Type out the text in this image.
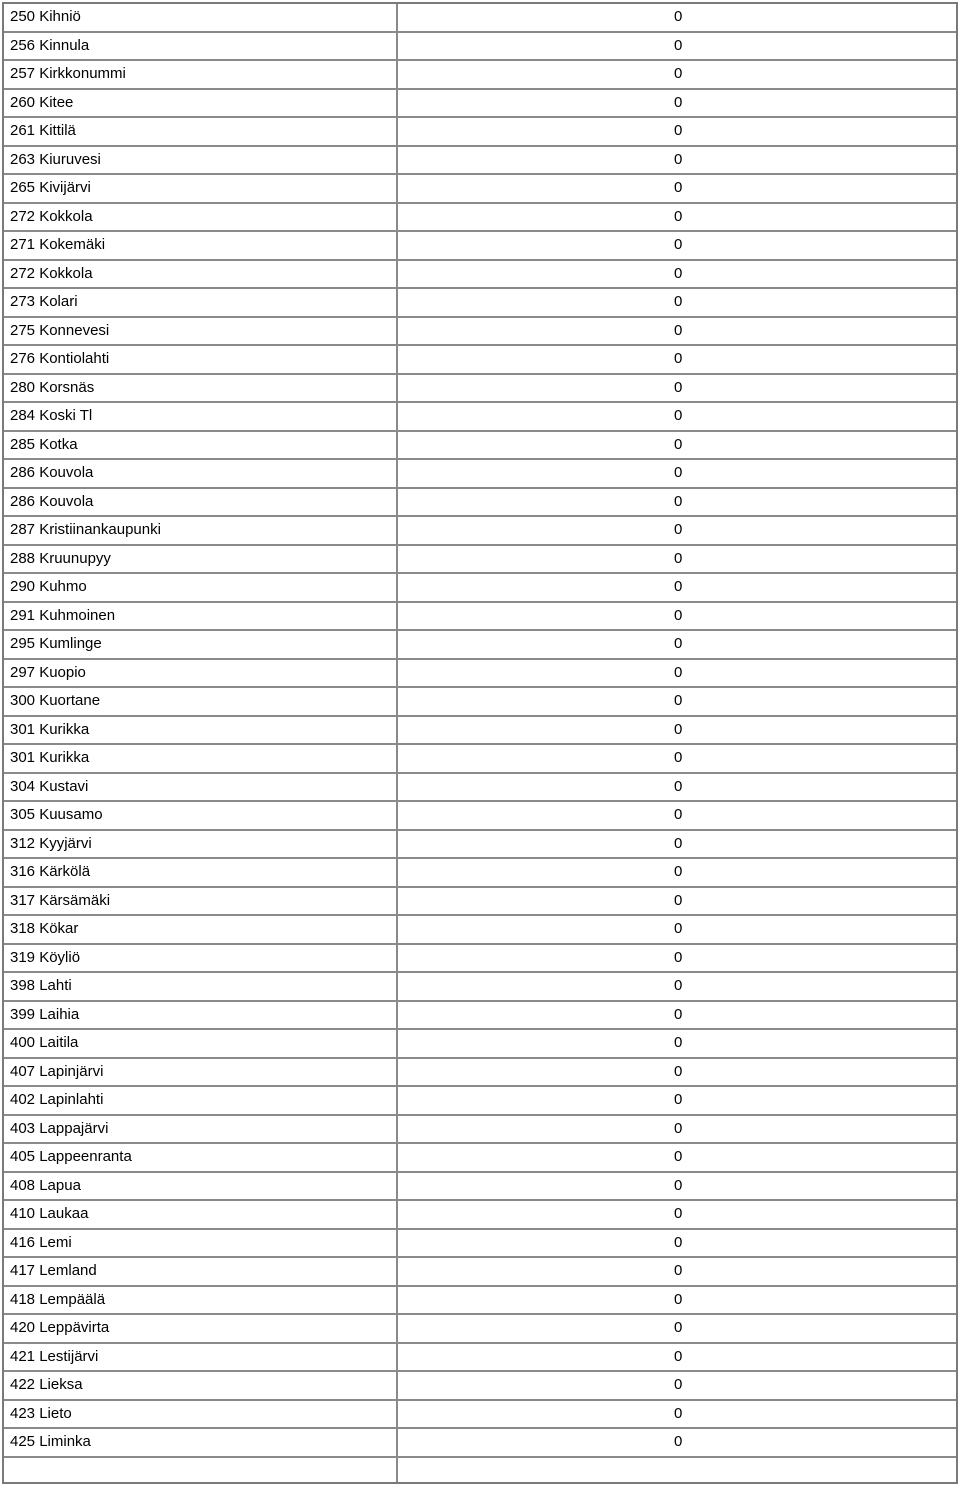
250 Kihniö	0
256 Kinnula	0
257 Kirkkonummi	0
260 Kitee	0
261 Kittilä	0
263 Kiuruvesi	0
265 Kivijärvi	0
272 Kokkola	0
271 Kokemäki	0
272 Kokkola	0
273 Kolari	0
275 Konnevesi	0
276 Kontiolahti	0
280 Korsnäs	0
284 Koski Tl	0
285 Kotka	0
286 Kouvola	0
286 Kouvola	0
287 Kristiinankaupunki	0
288 Kruunupyy	0
290 Kuhmo	0
291 Kuhmoinen	0
295 Kumlinge	0
297 Kuopio	0
300 Kuortane	0
301 Kurikka	0
301 Kurikka	0
304 Kustavi	0
305 Kuusamo	0
312 Kyyjärvi	0
316 Kärkölä	0
317 Kärsämäki	0
318 Kökar	0
319 Köyliö	0
398 Lahti	0
399 Laihia	0
400 Laitila	0
407 Lapinjärvi	0
402 Lapinlahti	0
403 Lappajärvi	0
405 Lappeenranta	0
408 Lapua	0
410 Laukaa	0
416 Lemi	0
417 Lemland	0
418 Lempäälä	0
420 Leppävirta	0
421 Lestijärvi	0
422 Lieksa	0
423 Lieto	0
425 Liminka	0
